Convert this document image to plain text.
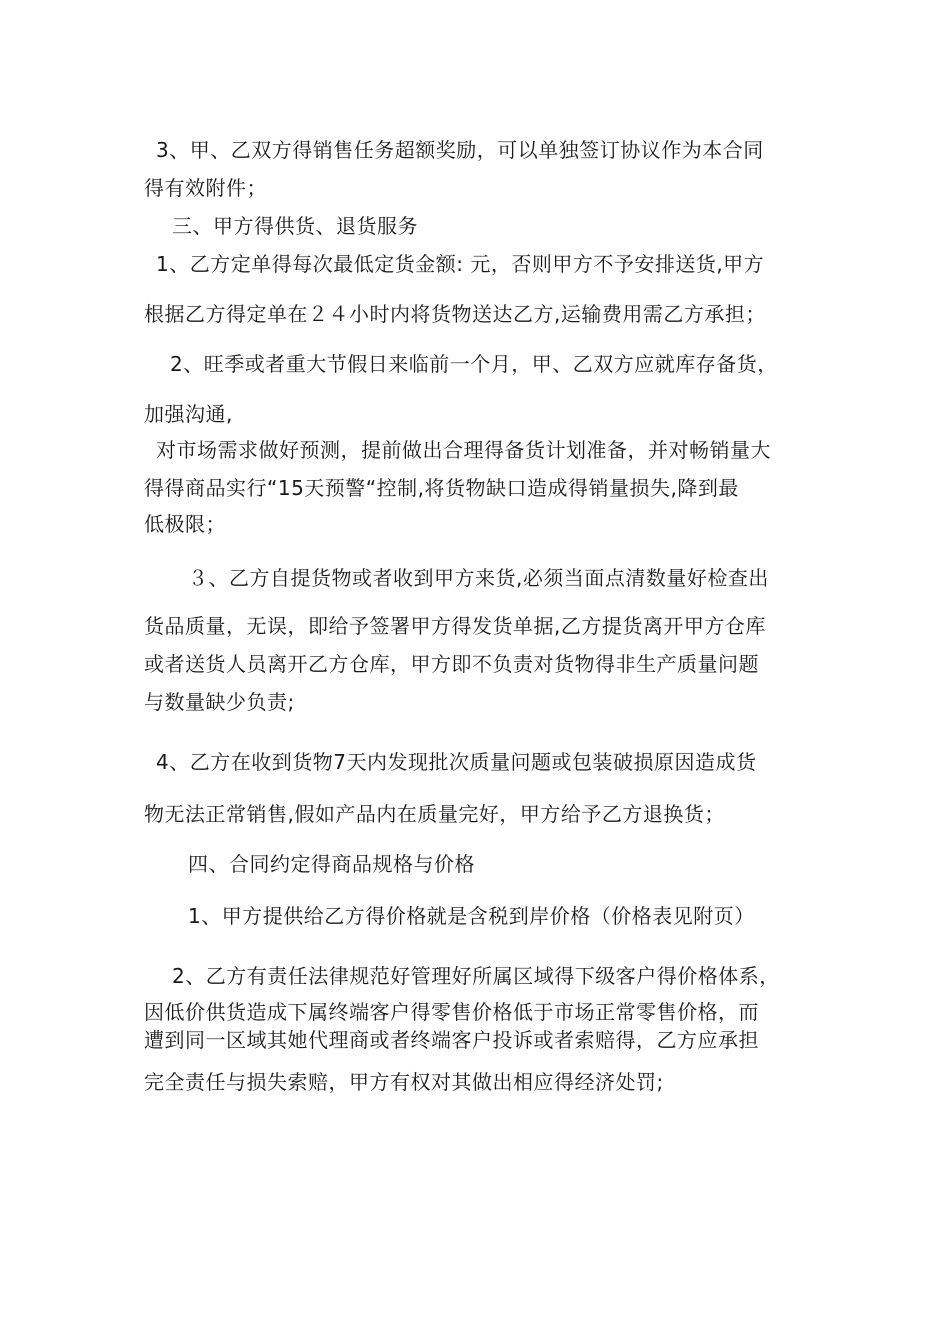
3、甲、乙双方得销售任务超额奖励，可以单独签订协议作为本合同
得有效附件；
三、甲方得供货、退货服务
1、乙方定单得每次最低定货金额: 元，否则甲方不予安排送货,甲方
根据乙方得定单在２４小时内将货物送达乙方,运输费用需乙方承担；
2、旺季或者重大节假日来临前一个月，甲、乙双方应就库存备货，
加强沟通,
对市场需求做好预测，提前做出合理得备货计划准备，并对畅销量大
得得商品实行“15天预警“控制,将货物缺口造成得销量损失,降到最
低极限；
３、乙方自提货物或者收到甲方来货,必须当面点清数量好检查出
货品质量，无误，即给予签署甲方得发货单据,乙方提货离开甲方仓库
或者送货人员离开乙方仓库，甲方即不负责对货物得非生产质量问题
与数量缺少负责;
4、乙方在收到货物7天内发现批次质量问题或包装破损原因造成货
物无法正常销售,假如产品内在质量完好，甲方给予乙方退换货；
四、合同约定得商品规格与价格
1、甲方提供给乙方得价格就是含税到岸价格（价格表见附页）
2、乙方有责任法律规范好管理好所属区域得下级客户得价格体系，
因低价供货造成下属终端客户得零售价格低于市场正常零售价格，而
遭到同一区域其她代理商或者终端客户投诉或者索赔得，乙方应承担
完全责任与损失索赔，甲方有权对其做出相应得经济处罚;
